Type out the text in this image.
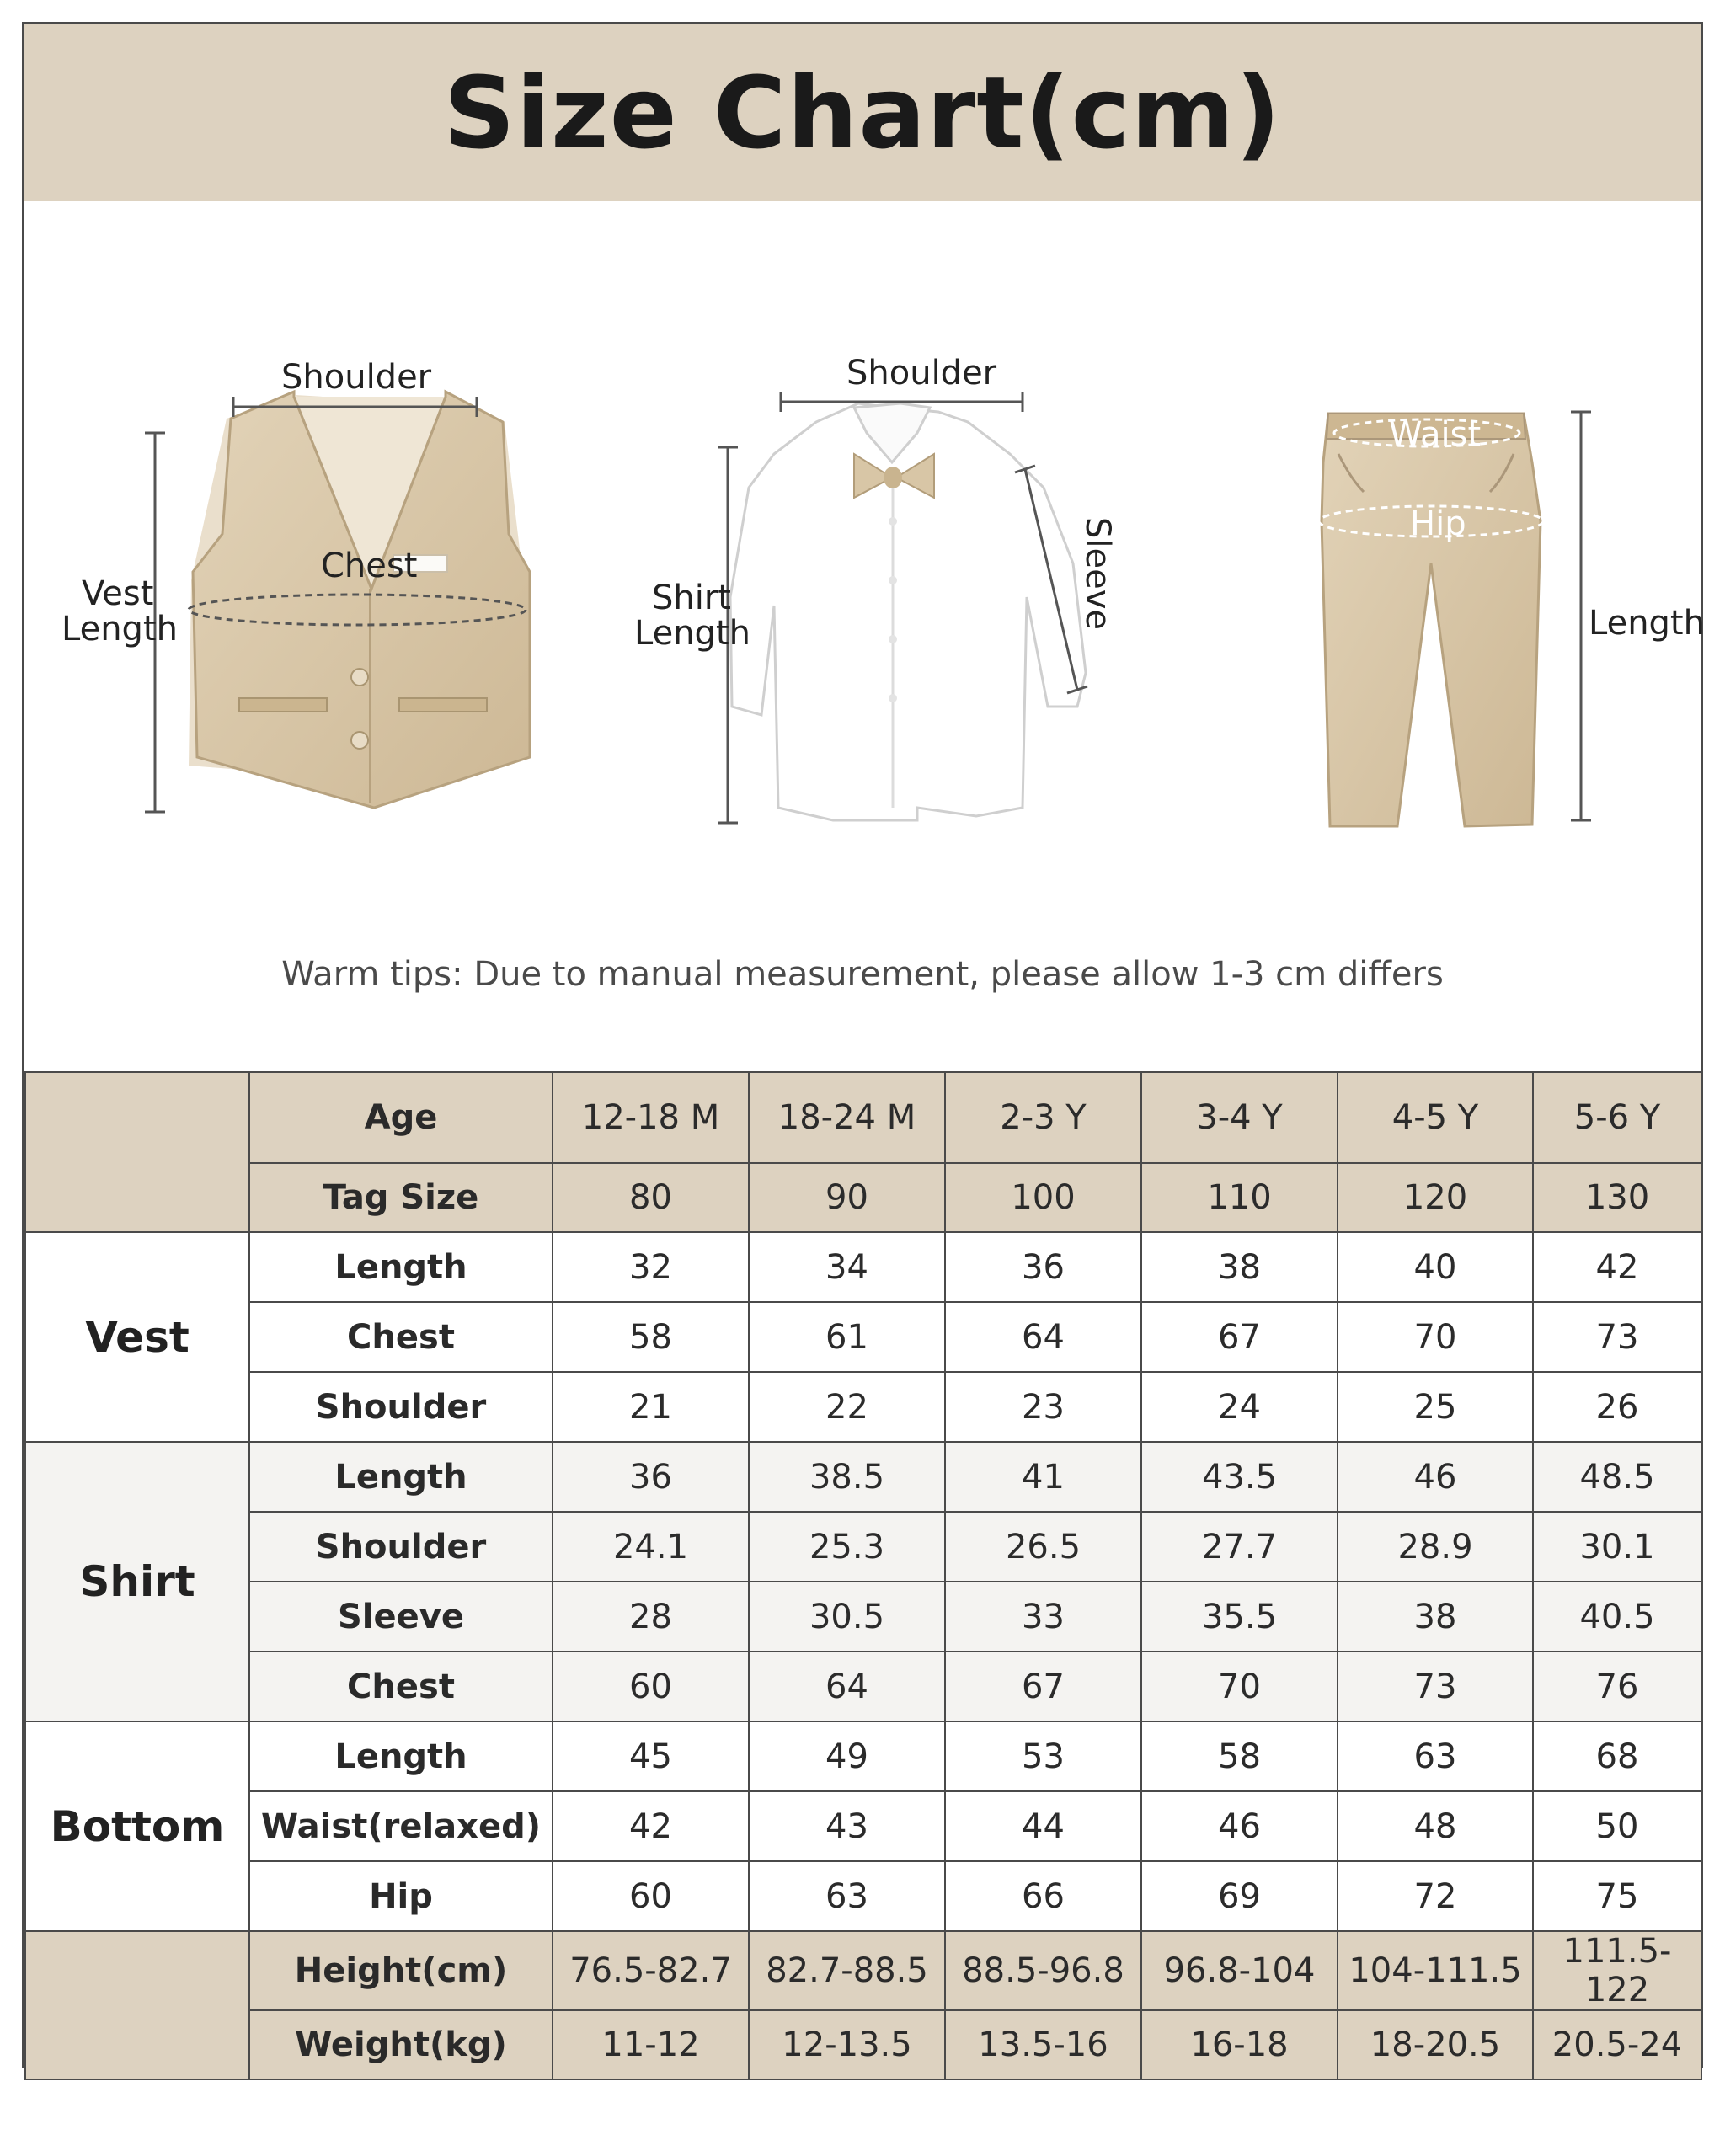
Size Chart(cm)
Shoulder
Chest
Vest
Length
Shoulder
Shirt
Length
Sleeve
Waist
Hip
Length
Warm tips: Due to manual measurement, please allow 1-3 cm differs
	Age	12-18 M	18-24 M	2-3 Y	3-4 Y	4-5 Y	5-6 Y
	Tag Size	80	90	100	110	120	130
Vest	Length	32	34	36	38	40	42
	Chest	58	61	64	67	70	73
	Shoulder	21	22	23	24	25	26
Shirt	Length	36	38.5	41	43.5	46	48.5
	Shoulder	24.1	25.3	26.5	27.7	28.9	30.1
	Sleeve	28	30.5	33	35.5	38	40.5
	Chest	60	64	67	70	73	76
Bottom	Length	45	49	53	58	63	68
	Waist(relaxed)	42	43	44	46	48	50
	Hip	60	63	66	69	72	75
	Height(cm)	76.5-82.7	82.7-88.5	88.5-96.8	96.8-104	104-111.5	111.5-122
	Weight(kg)	11-12	12-13.5	13.5-16	16-18	18-20.5	20.5-24
